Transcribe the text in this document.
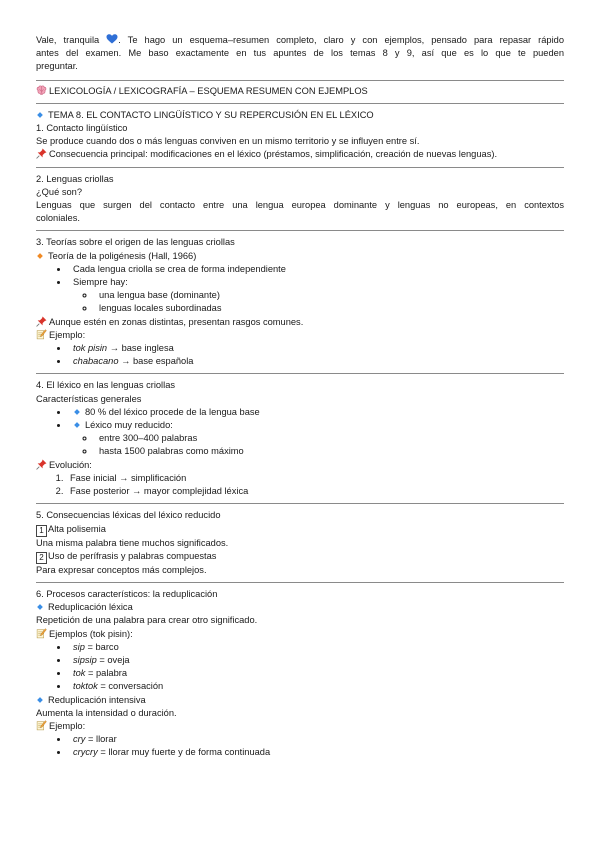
Vale, tranquila . Te hago un esquema–resumen completo, claro y con ejemplos, pensado para repasar rápido
antes del examen. Me baso exactamente en tus apuntes de los temas 8 y 9, así que es lo que te pueden
preguntar.
LEXICOLOGÍA / LEXICOGRAFÍA – ESQUEMA RESUMEN CON EJEMPLOS
TEMA 8. EL CONTACTO LINGÜÍSTICO Y SU REPERCUSIÓN EN EL LÉXICO
1. Contacto lingüístico
Se produce cuando dos o más lenguas conviven en un mismo territorio y se influyen entre sí.
Consecuencia principal: modificaciones en el léxico (préstamos, simplificación, creación de nuevas lenguas).
2. Lenguas criollas
¿Qué son?
Lenguas que surgen del contacto entre una lengua europea dominante y lenguas no europeas, en contextos
coloniales.
3. Teorías sobre el origen de las lenguas criollas
Teoría de la poligénesis (Hall, 1966)
• Cada lengua criolla se crea de forma independiente
• Siempre hay:
◦ una lengua base (dominante)
◦ lenguas locales subordinadas
Aunque estén en zonas distintas, presentan rasgos comunes.
Ejemplo:
• tok pisin → base inglesa
• chabacano → base española
4. El léxico en las lenguas criollas
Características generales
• 80 % del léxico procede de la lengua base
• Léxico muy reducido:
◦ entre 300–400 palabras
◦ hasta 1500 palabras como máximo
Evolución:
1. Fase inicial → simplificación
2. Fase posterior → mayor complejidad léxica
5. Consecuencias léxicas del léxico reducido
1 Alta polisemia
Una misma palabra tiene muchos significados.
2 Uso de perífrasis y palabras compuestas
Para expresar conceptos más complejos.
6. Procesos característicos: la reduplicación
Reduplicación léxica
Repetición de una palabra para crear otro significado.
Ejemplos (tok pisin):
• sip = barco
• sipsip = oveja
• tok = palabra
• toktok = conversación
Reduplicación intensiva
Aumenta la intensidad o duración.
Ejemplo:
• cry = llorar
• crycry = llorar muy fuerte y de forma continuada
